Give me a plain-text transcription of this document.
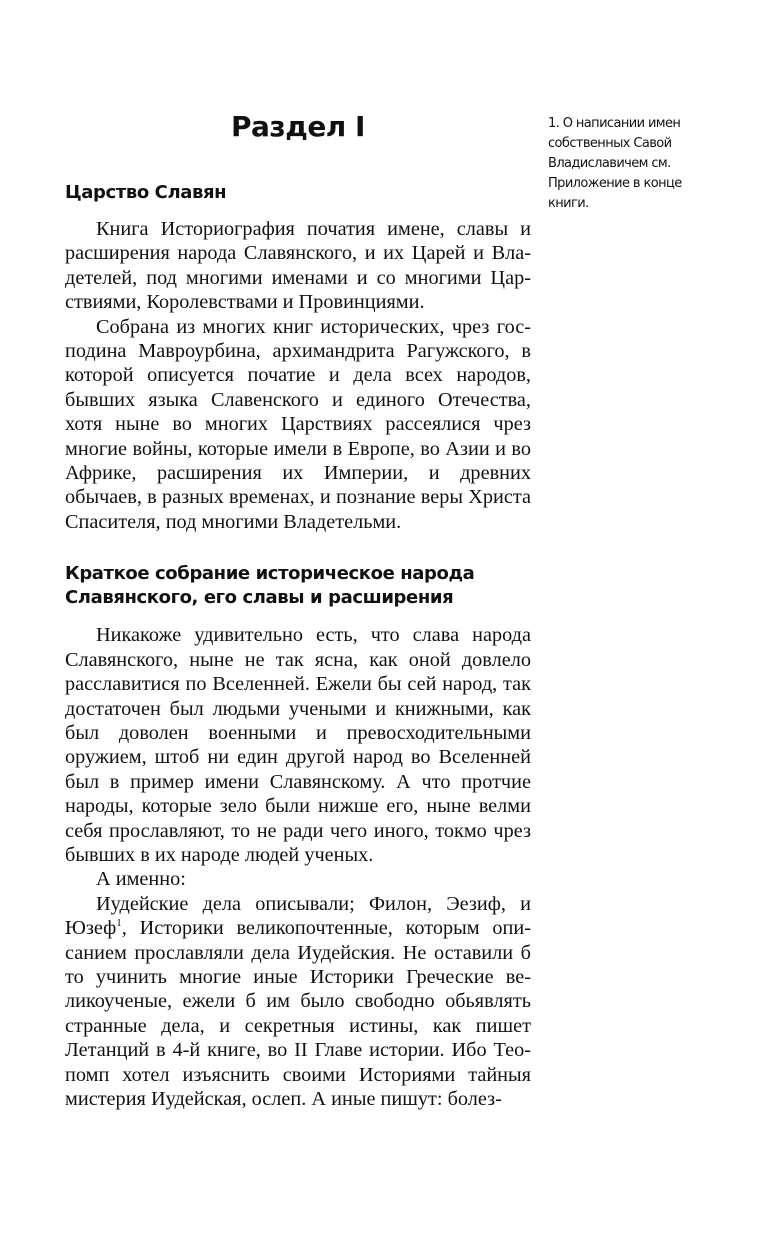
Раздел I
Царство Славян

Книга Историография початия имене, славы и расширения народа Славянского, и их Царей и Владетелей, под многими именами и со многими Царствиями, Королевствами и Провинциями.

Собрана из многих книг исторических, чрез господина Мавроурбина, архимандрита Рагужского, в которой описуется початие и дела всех народов, бывших языка Славенского и единого Отечества, хотя ныне во многих Царствиях рассеялися чрез многие войны, которые имели в Европе, во Азии и во Африке, расширения их Империи, и древних обычаев, в разных временах, и познание веры Христа Спасителя, под многими Владетельми.

Краткое собрание историческое народа
Славянского, его славы и расширения

Никакоже удивительно есть, что слава народа Славянского, ныне не так ясна, как оной довлело расславитися по Вселенней. Ежели бы сей народ, так достаточен был людьми учеными и книжными, как был доволен военными и превосходительными оружием, штоб ни един другой народ во Вселенней был в пример имени Славянскому. А что протчие народы, которые зело были нижше его, ныне велми себя прославляют, то не ради чего иного, токмо чрез бывших в их народе людей ученых.

А именно:

Иудейские дела описывали; Филон, Эезиф, и Юзеф$^1$, Историки великопочтенные, которым описанием прославляли дела Иудейския. Не оставили б то учинить многие иные Историки Греческие великоученые, ежели б им было свободно обьявлять странные дела, и секретныя истины, как пишет Летанций в 4-й книге, во II Главе истории. Ибо Теопомп хотел изъяснить своими Историями тайныя мистерия Иудейская, ослеп. А иные пишут: болез-

1. О написании имен собственных Савой Владиславичем см. Приложение в конце книги.
